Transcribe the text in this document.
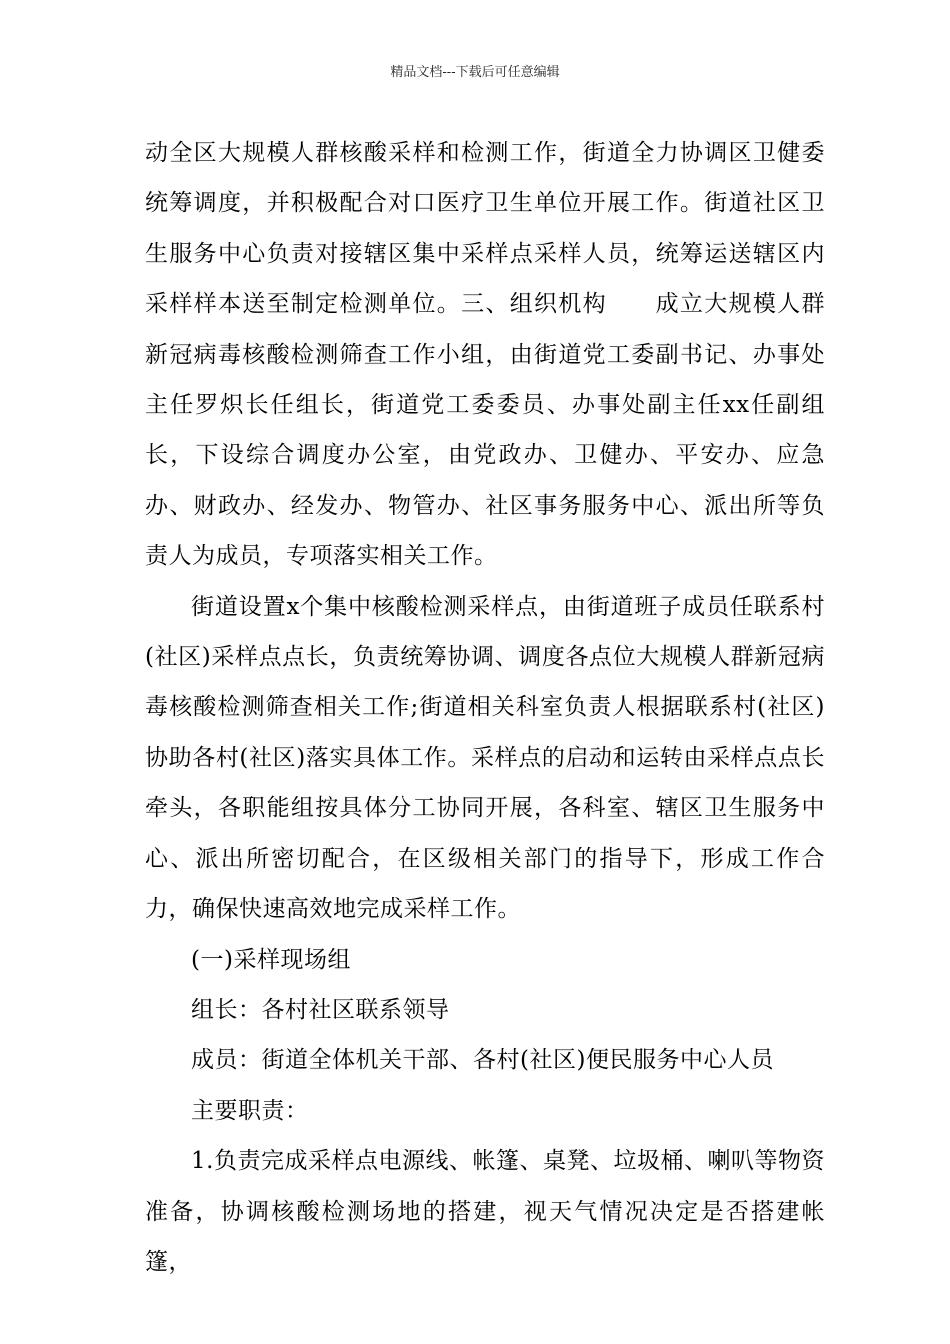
精品文档---下载后可任意编辑

动全区大规模人群核酸采样和检测工作，街道全力协调区卫健委统筹调度，并积极配合对口医疗卫生单位开展工作。街道社区卫生服务中心负责对接辖区集中采样点采样人员，统筹运送辖区内采样样本送至制定检测单位。三、组织机构　　成立大规模人群新冠病毒核酸检测筛查工作小组，由街道党工委副书记、办事处主任罗炽长任组长，街道党工委委员、办事处副主任xx任副组长，下设综合调度办公室，由党政办、卫健办、平安办、应急办、财政办、经发办、物管办、社区事务服务中心、派出所等负责人为成员，专项落实相关工作。

街道设置x个集中核酸检测采样点，由街道班子成员任联系村(社区)采样点点长，负责统筹协调、调度各点位大规模人群新冠病毒核酸检测筛查相关工作;街道相关科室负责人根据联系村(社区)协助各村(社区)落实具体工作。采样点的启动和运转由采样点点长牵头，各职能组按具体分工协同开展，各科室、辖区卫生服务中心、派出所密切配合，在区级相关部门的指导下，形成工作合力，确保快速高效地完成采样工作。

(一)采样现场组

组长：各村社区联系领导

成员：街道全体机关干部、各村(社区)便民服务中心人员

主要职责：

1.负责完成采样点电源线、帐篷、桌凳、垃圾桶、喇叭等物资准备，协调核酸检测场地的搭建，视天气情况决定是否搭建帐篷，
